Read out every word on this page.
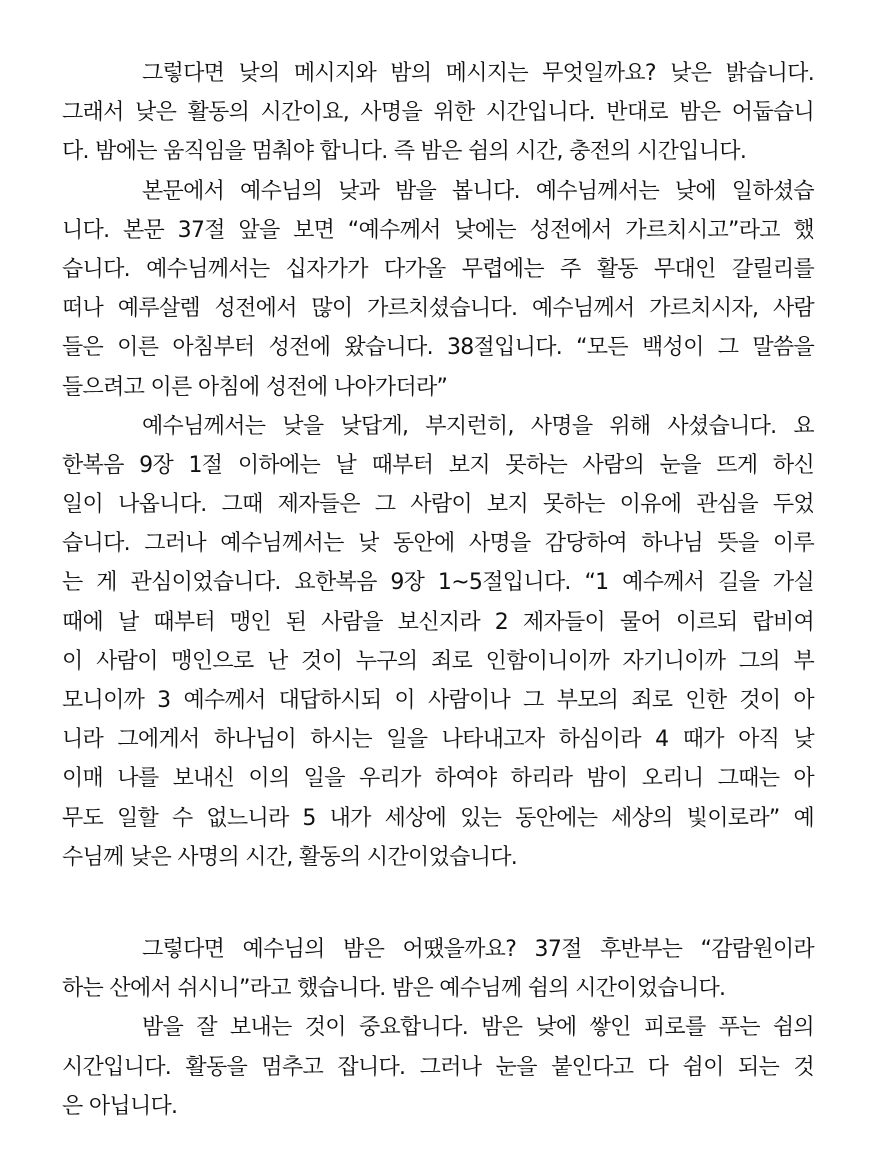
그렇다면 낮의 메시지와 밤의 메시지는 무엇일까요? 낮은 밝습니다.
그래서 낮은 활동의 시간이요, 사명을 위한 시간입니다. 반대로 밤은 어둡습니
다. 밤에는 움직임을 멈춰야 합니다. 즉 밤은 쉼의 시간, 충전의 시간입니다.
본문에서 예수님의 낮과 밤을 봅니다. 예수님께서는 낮에 일하셨습
니다. 본문 37절 앞을 보면 “예수께서 낮에는 성전에서 가르치시고”라고 했
습니다. 예수님께서는 십자가가 다가올 무렵에는 주 활동 무대인 갈릴리를
떠나 예루살렘 성전에서 많이 가르치셨습니다. 예수님께서 가르치시자, 사람
들은 이른 아침부터 성전에 왔습니다. 38절입니다. “모든 백성이 그 말씀을
들으려고 이른 아침에 성전에 나아가더라”
예수님께서는 낮을 낮답게, 부지런히, 사명을 위해 사셨습니다. 요
한복음 9장 1절 이하에는 날 때부터 보지 못하는 사람의 눈을 뜨게 하신
일이 나옵니다. 그때 제자들은 그 사람이 보지 못하는 이유에 관심을 두었
습니다. 그러나 예수님께서는 낮 동안에 사명을 감당하여 하나님 뜻을 이루
는 게 관심이었습니다. 요한복음 9장 1~5절입니다. “1 예수께서 길을 가실
때에 날 때부터 맹인 된 사람을 보신지라 2 제자들이 물어 이르되 랍비여
이 사람이 맹인으로 난 것이 누구의 죄로 인함이니이까 자기니이까 그의 부
모니이까 3 예수께서 대답하시되 이 사람이나 그 부모의 죄로 인한 것이 아
니라 그에게서 하나님이 하시는 일을 나타내고자 하심이라 4 때가 아직 낮
이매 나를 보내신 이의 일을 우리가 하여야 하리라 밤이 오리니 그때는 아
무도 일할 수 없느니라 5 내가 세상에 있는 동안에는 세상의 빛이로라” 예
수님께 낮은 사명의 시간, 활동의 시간이었습니다.
그렇다면 예수님의 밤은 어땠을까요? 37절 후반부는 “감람원이라
하는 산에서 쉬시니”라고 했습니다. 밤은 예수님께 쉼의 시간이었습니다.
밤을 잘 보내는 것이 중요합니다. 밤은 낮에 쌓인 피로를 푸는 쉼의
시간입니다. 활동을 멈추고 잡니다. 그러나 눈을 붙인다고 다 쉼이 되는 것
은 아닙니다.
